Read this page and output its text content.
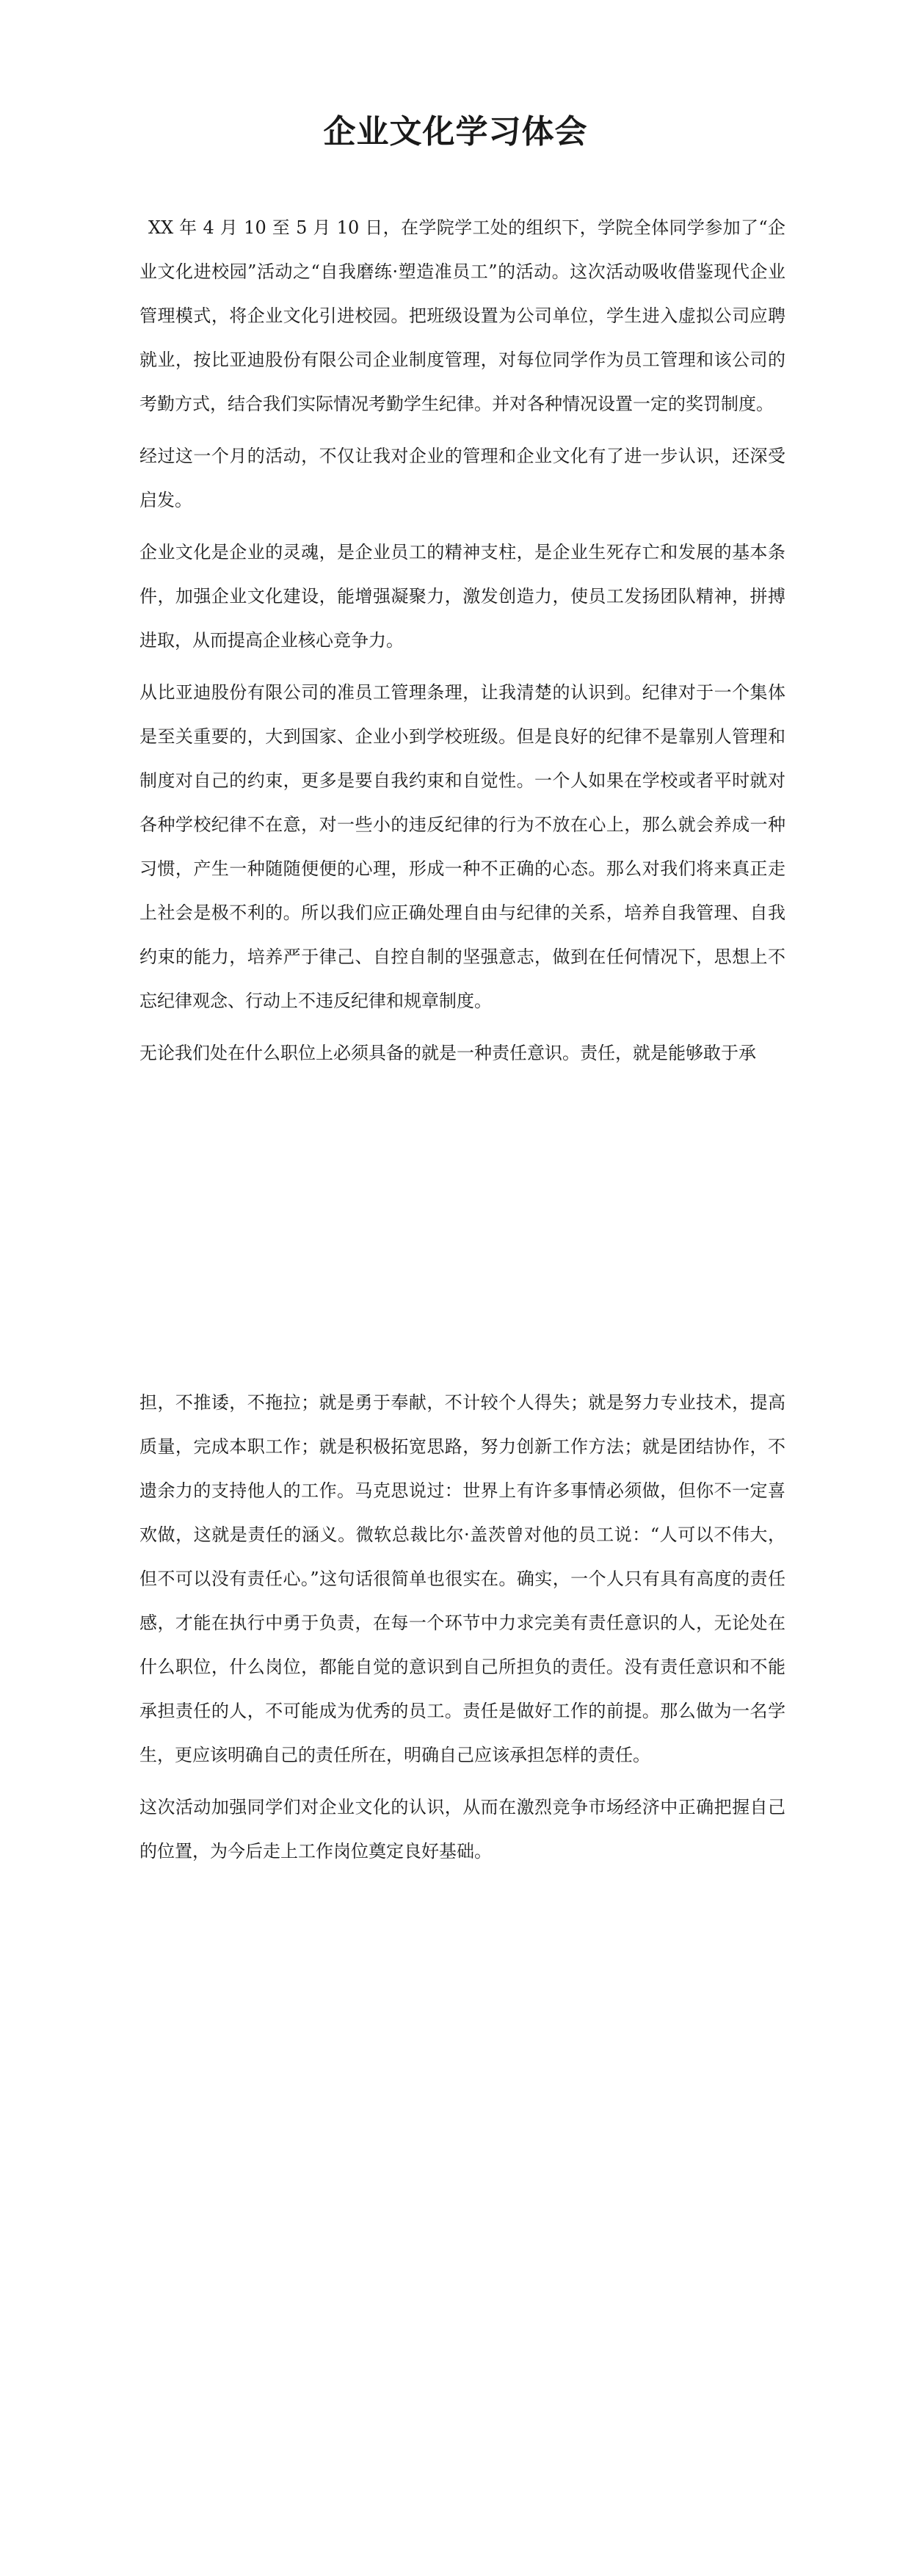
企业文化学习体会

XX 年 4 月 10 至 5 月 10 日，在学院学工处的组织下，学院全体同学参加了“企业文化进校园”活动之“自我磨练·塑造准员工”的活动。这次活动吸收借鉴现代企业管理模式，将企业文化引进校园。把班级设置为公司单位，学生进入虚拟公司应聘就业，按比亚迪股份有限公司企业制度管理，对每位同学作为员工管理和该公司的考勤方式，结合我们实际情况考勤学生纪律。并对各种情况设置一定的奖罚制度。

经过这一个月的活动，不仅让我对企业的管理和企业文化有了进一步认识，还深受启发。

企业文化是企业的灵魂，是企业员工的精神支柱，是企业生死存亡和发展的基本条件，加强企业文化建设，能增强凝聚力，激发创造力，使员工发扬团队精神，拼搏进取，从而提高企业核心竞争力。

从比亚迪股份有限公司的准员工管理条理，让我清楚的认识到。纪律对于一个集体是至关重要的，大到国家、企业小到学校班级。但是良好的纪律不是靠别人管理和制度对自己的约束，更多是要自我约束和自觉性。一个人如果在学校或者平时就对各种学校纪律不在意，对一些小的违反纪律的行为不放在心上，那么就会养成一种习惯，产生一种随随便便的心理，形成一种不正确的心态。那么对我们将来真正走上社会是极不利的。所以我们应正确处理自由与纪律的关系，培养自我管理、自我约束的能力，培养严于律己、自控自制的坚强意志，做到在任何情况下，思想上不忘纪律观念、行动上不违反纪律和规章制度。

无论我们处在什么职位上必须具备的就是一种责任意识。责任，就是能够敢于承

担，不推诿，不拖拉；就是勇于奉献，不计较个人得失；就是努力专业技术，提高质量，完成本职工作；就是积极拓宽思路，努力创新工作方法；就是团结协作，不遗余力的支持他人的工作。马克思说过：世界上有许多事情必须做，但你不一定喜欢做，这就是责任的涵义。微软总裁比尔·盖茨曾对他的员工说：“人可以不伟大，但不可以没有责任心。”这句话很简单也很实在。确实，一个人只有具有高度的责任感，才能在执行中勇于负责，在每一个环节中力求完美有责任意识的人，无论处在什么职位，什么岗位，都能自觉的意识到自己所担负的责任。没有责任意识和不能承担责任的人，不可能成为优秀的员工。责任是做好工作的前提。那么做为一名学生，更应该明确自己的责任所在，明确自己应该承担怎样的责任。

这次活动加强同学们对企业文化的认识，从而在激烈竞争市场经济中正确把握自己的位置，为今后走上工作岗位奠定良好基础。
